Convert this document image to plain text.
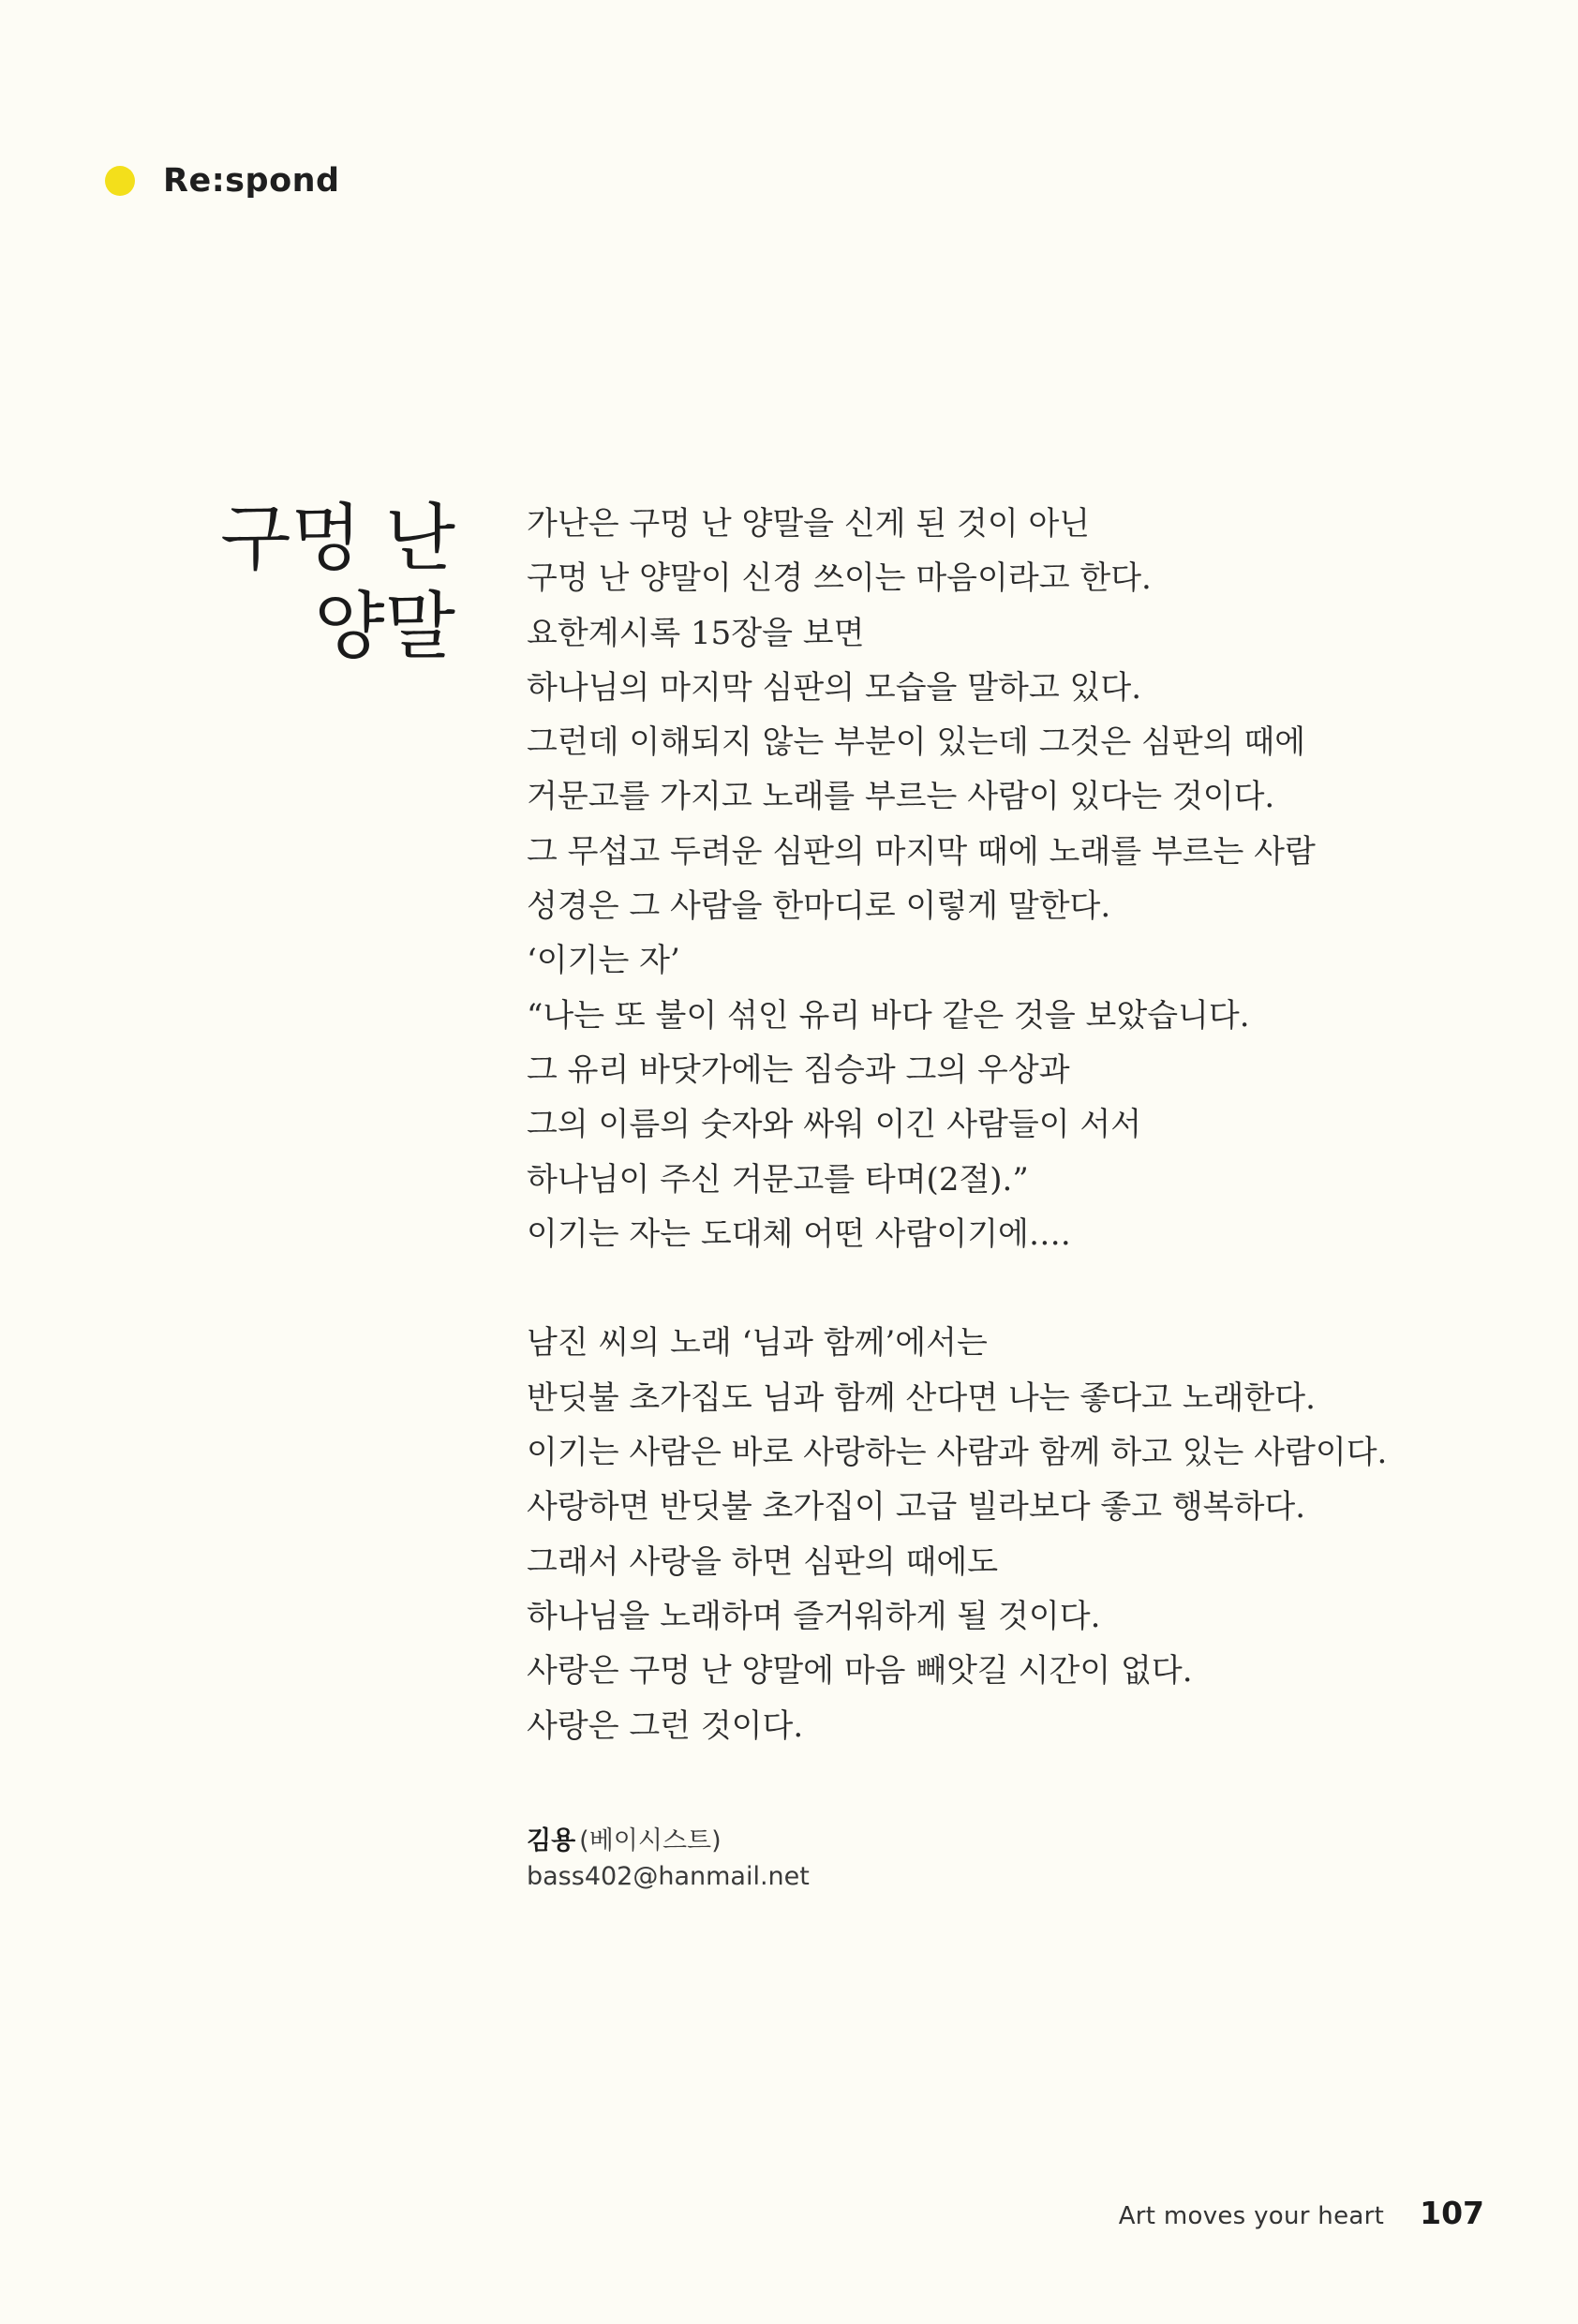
Re:spond
구멍 난
양말
가난은 구멍 난 양말을 신게 된 것이 아닌
구멍 난 양말이 신경 쓰이는 마음이라고 한다.
요한계시록 15장을 보면
하나님의 마지막 심판의 모습을 말하고 있다.
그런데 이해되지 않는 부분이 있는데 그것은 심판의 때에
거문고를 가지고 노래를 부르는 사람이 있다는 것이다.
그 무섭고 두려운 심판의 마지막 때에 노래를 부르는 사람
성경은 그 사람을 한마디로 이렇게 말한다.
‘이기는 자’
“나는 또 불이 섞인 유리 바다 같은 것을 보았습니다.
그 유리 바닷가에는 짐승과 그의 우상과
그의 이름의 숫자와 싸워 이긴 사람들이 서서
하나님이 주신 거문고를 타며(2절).”
이기는 자는 도대체 어떤 사람이기에….
남진 씨의 노래 ‘님과 함께’에서는
반딧불 초가집도 님과 함께 산다면 나는 좋다고 노래한다.
이기는 사람은 바로 사랑하는 사람과 함께 하고 있는 사람이다.
사랑하면 반딧불 초가집이 고급 빌라보다 좋고 행복하다.
그래서 사랑을 하면 심판의 때에도
하나님을 노래하며 즐거워하게 될 것이다.
사랑은 구멍 난 양말에 마음 빼앗길 시간이 없다.
사랑은 그런 것이다.
김용 (베이시스트)
bass402@hanmail.net
Art moves your heart 107
